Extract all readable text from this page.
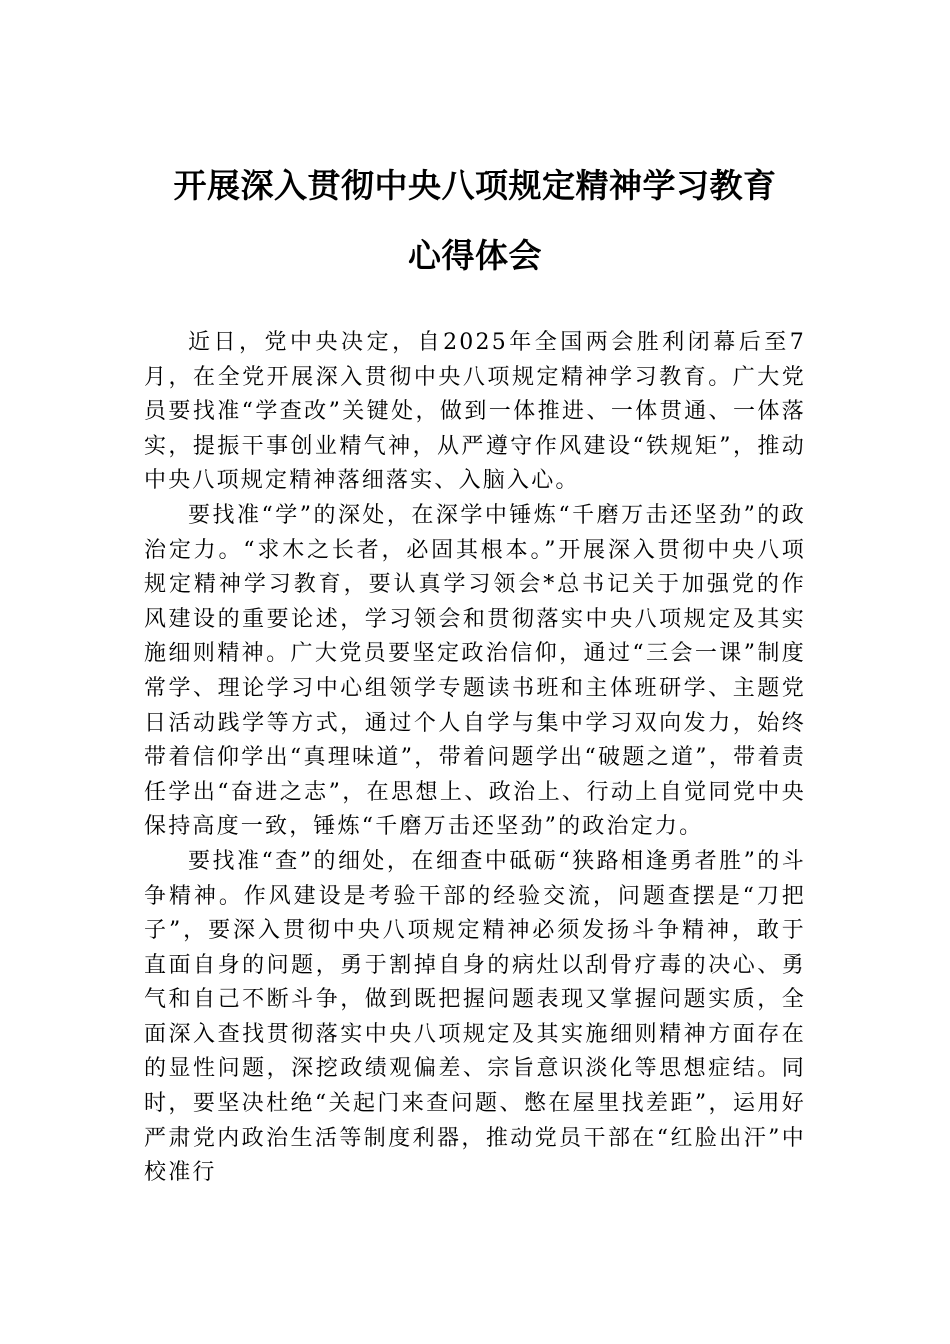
开展深入贯彻中央八项规定精神学习教育
心得体会

近日，党中央决定，自2025年全国两会胜利闭幕后至7月，在全党开展深入贯彻中央八项规定精神学习教育。广大党员要找准“学查改”关键处，做到一体推进、一体贯通、一体落实，提振干事创业精气神，从严遵守作风建设“铁规矩”，推动中央八项规定精神落细落实、入脑入心。

要找准“学”的深处，在深学中锤炼“千磨万击还坚劲”的政治定力。“求木之长者，必固其根本。”开展深入贯彻中央八项规定精神学习教育，要认真学习领会*总书记关于加强党的作风建设的重要论述，学习领会和贯彻落实中央八项规定及其实施细则精神。广大党员要坚定政治信仰，通过“三会一课”制度常学、理论学习中心组领学专题读书班和主体班研学、主题党日活动践学等方式，通过个人自学与集中学习双向发力，始终带着信仰学出“真理味道”，带着问题学出“破题之道”，带着责任学出“奋进之志”，在思想上、政治上、行动上自觉同党中央保持高度一致，锤炼“千磨万击还坚劲”的政治定力。

要找准“查”的细处，在细查中砥砺“狭路相逢勇者胜”的斗争精神。作风建设是考验干部的经验交流，问题查摆是“刀把子”，要深入贯彻中央八项规定精神必须发扬斗争精神，敢于直面自身的问题，勇于割掉自身的病灶以刮骨疗毒的决心、勇气和自己不断斗争，做到既把握问题表现又掌握问题实质，全面深入查找贯彻落实中央八项规定及其实施细则精神方面存在的显性问题，深挖政绩观偏差、宗旨意识淡化等思想症结。同时，要坚决杜绝“关起门来查问题、憋在屋里找差距”，运用好严肃党内政治生活等制度利器，推动党员干部在“红脸出汗”中校准行
